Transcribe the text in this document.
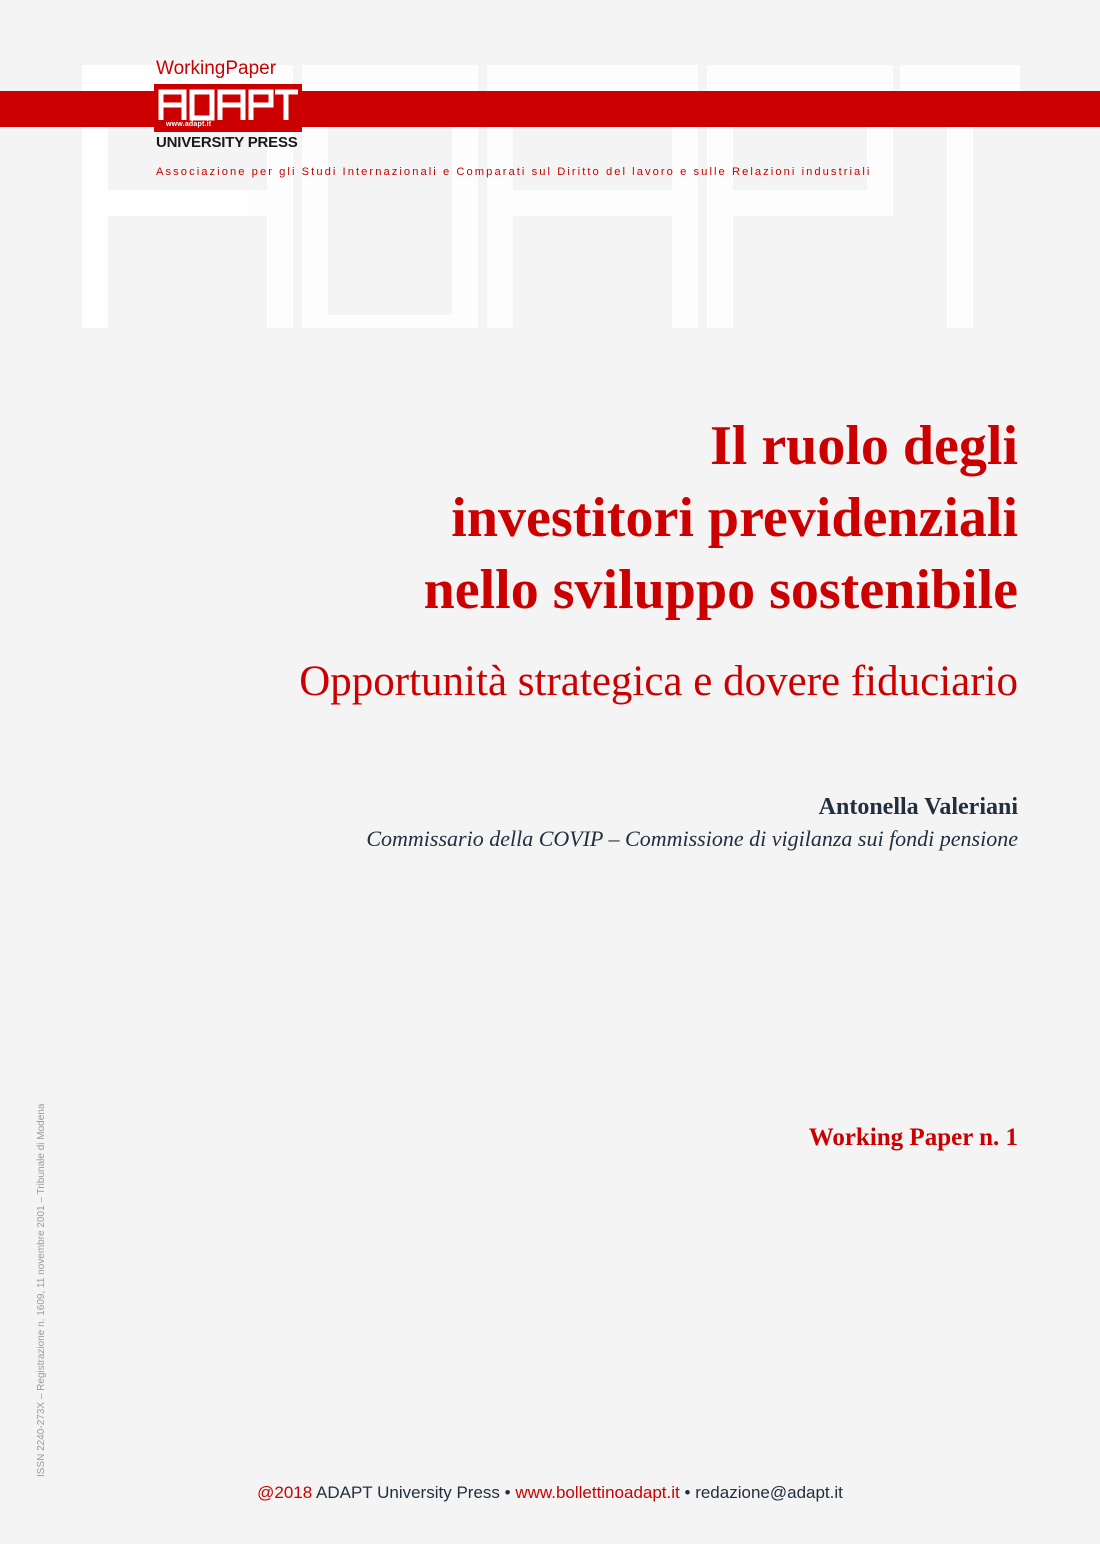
WorkingPaper
www.adapt.it
UNIVERSITY PRESS
Associazione per gli Studi Internazionali e Comparati sul Diritto del lavoro e sulle Relazioni industriali
Il ruolo degli
investitori previdenziali
nello sviluppo sostenibile
Opportunità strategica e dovere fiduciario
Antonella Valeriani
Commissario della COVIP – Commissione di vigilanza sui fondi pensione
Working Paper n. 1
ISSN 2240-273X – Registrazione n. 1609, 11 novembre 2001 – Tribunale di Modena
@2018 ADAPT University Press • www.bollettinoadapt.it • redazione@adapt.it
